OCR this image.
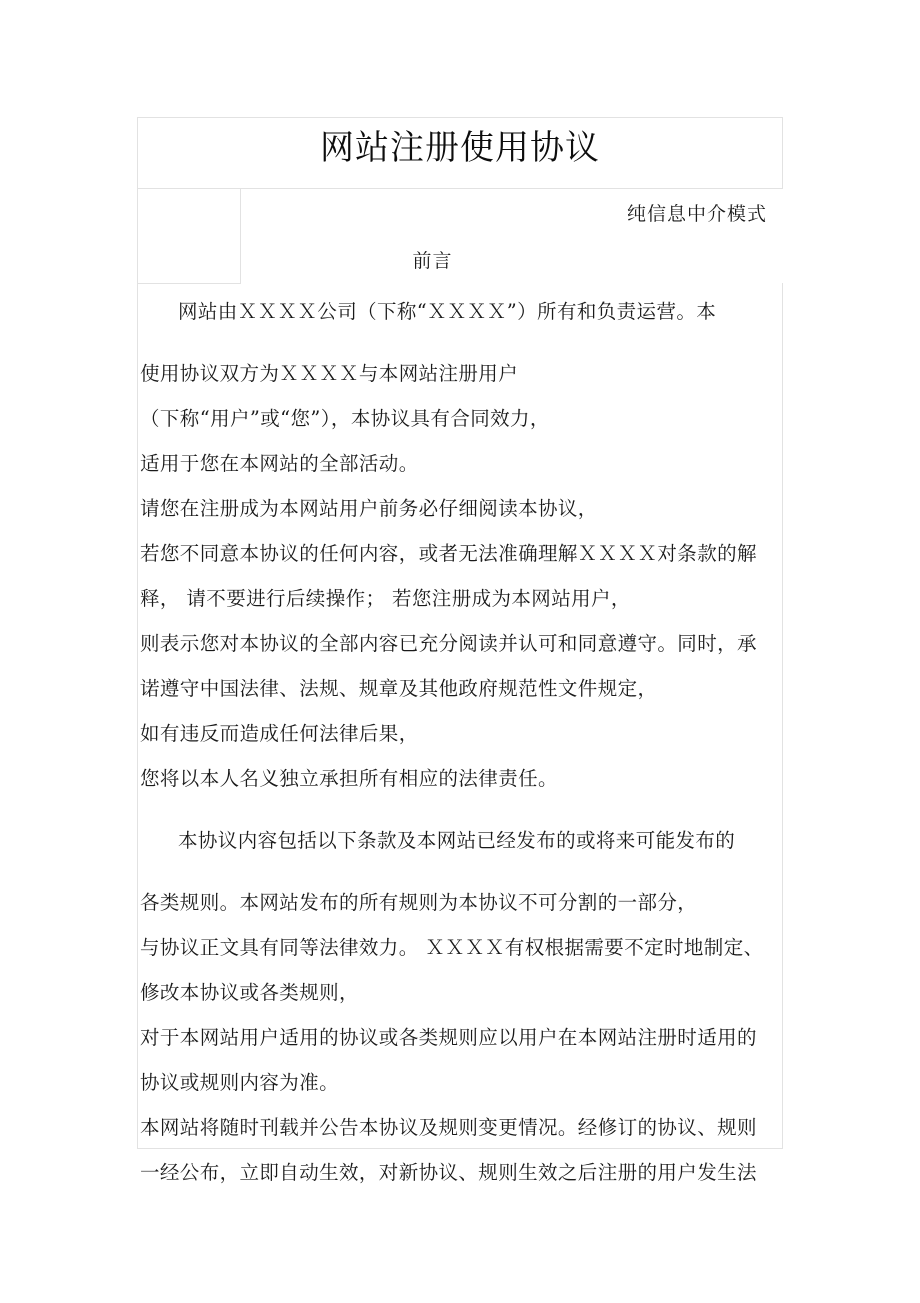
网站注册使用协议
纯信息中介模式
前言

网站由ＸＸＸＸ公司（下称“ＸＸＸＸ”）所有和负责运营。本

使用协议双方为ＸＸＸＸ与本网站注册用户

（下称“用户”或“您”），本协议具有合同效力，

适用于您在本网站的全部活动。

请您在注册成为本网站用户前务必仔细阅读本协议，

若您不同意本协议的任何内容，或者无法准确理解ＸＸＸＸ对条款的解

释， 请不要进行后续操作； 若您注册成为本网站用户，

则表示您对本协议的全部内容已充分阅读并认可和同意遵守。同时，承

诺遵守中国法律、法规、规章及其他政府规范性文件规定，

如有违反而造成任何法律后果，

您将以本人名义独立承担所有相应的法律责任。

本协议内容包括以下条款及本网站已经发布的或将来可能发布的

各类规则。本网站发布的所有规则为本协议不可分割的一部分，

与协议正文具有同等法律效力。 ＸＸＸＸ有权根据需要不定时地制定、

修改本协议或各类规则，

对于本网站用户适用的协议或各类规则应以用户在本网站注册时适用的

协议或规则内容为准。

本网站将随时刊载并公告本协议及规则变更情况。经修订的协议、规则

一经公布，立即自动生效，对新协议、规则生效之后注册的用户发生法
